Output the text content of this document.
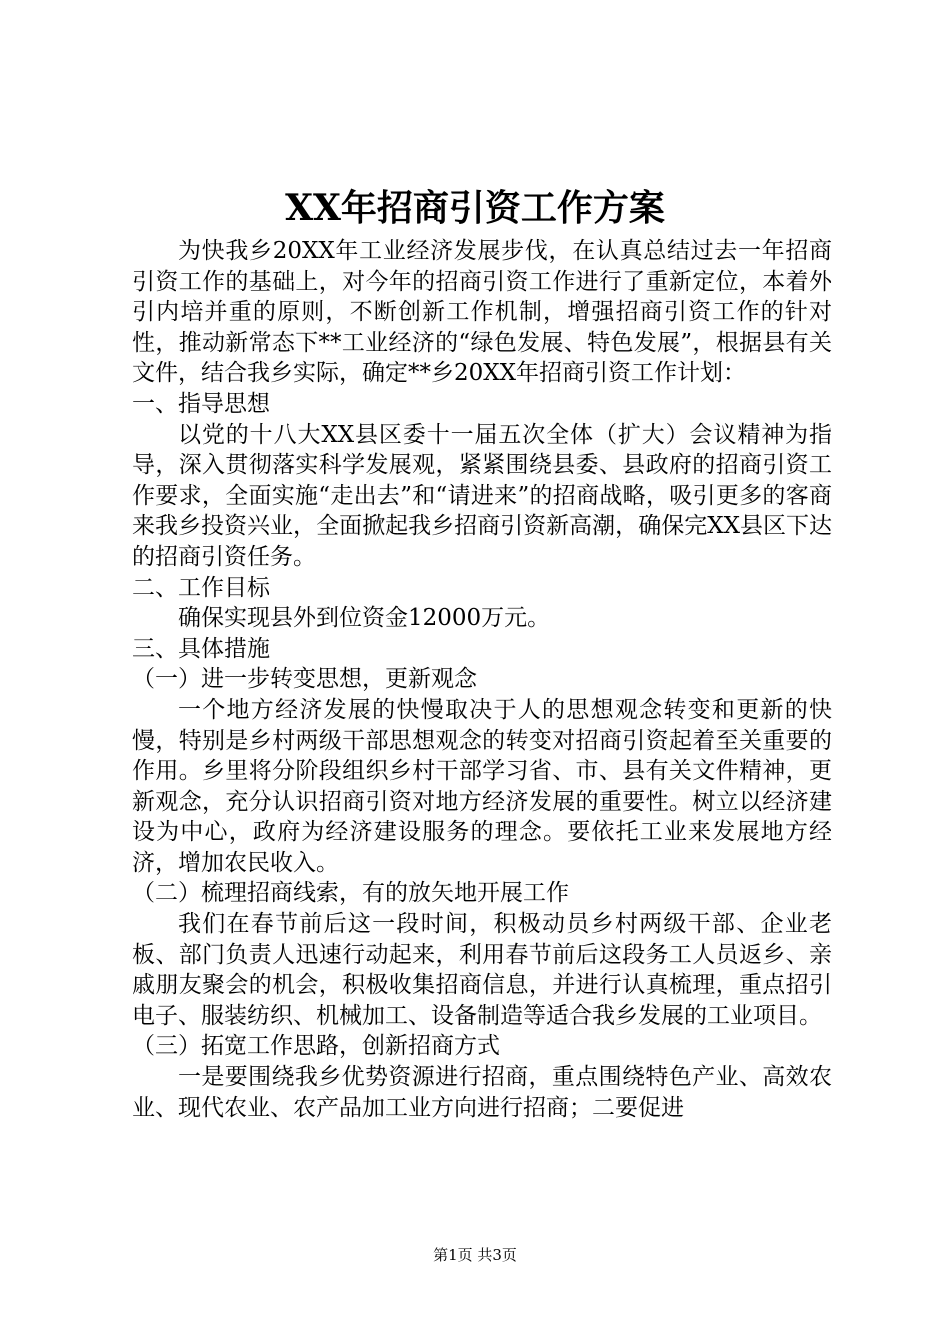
XX年招商引资工作方案

为快我乡20XX年工业经济发展步伐，在认真总结过去一年招商引资工作的基础上，对今年的招商引资工作进行了重新定位，本着外引内培并重的原则，不断创新工作机制，增强招商引资工作的针对性，推动新常态下**工业经济的“绿色发展、特色发展”，根据县有关文件，结合我乡实际，确定**乡20XX年招商引资工作计划：

一、指导思想

以党的十八大XX县区委十一届五次全体（扩大）会议精神为指导，深入贯彻落实科学发展观，紧紧围绕县委、县政府的招商引资工作要求，全面实施“走出去”和“请进来”的招商战略，吸引更多的客商来我乡投资兴业，全面掀起我乡招商引资新高潮，确保完XX县区下达的招商引资任务。

二、工作目标

确保实现县外到位资金12000万元。

三、具体措施

（一）进一步转变思想，更新观念

一个地方经济发展的快慢取决于人的思想观念转变和更新的快慢，特别是乡村两级干部思想观念的转变对招商引资起着至关重要的作用。乡里将分阶段组织乡村干部学习省、市、县有关文件精神，更新观念，充分认识招商引资对地方经济发展的重要性。树立以经济建设为中心，政府为经济建设服务的理念。要依托工业来发展地方经济，增加农民收入。

（二）梳理招商线索，有的放矢地开展工作

我们在春节前后这一段时间，积极动员乡村两级干部、企业老板、部门负责人迅速行动起来，利用春节前后这段务工人员返乡、亲戚朋友聚会的机会，积极收集招商信息，并进行认真梳理，重点招引电子、服装纺织、机械加工、设备制造等适合我乡发展的工业项目。

（三）拓宽工作思路，创新招商方式

一是要围绕我乡优势资源进行招商，重点围绕特色产业、高效农业、现代农业、农产品加工业方向进行招商；二要促进

第1页 共3页
